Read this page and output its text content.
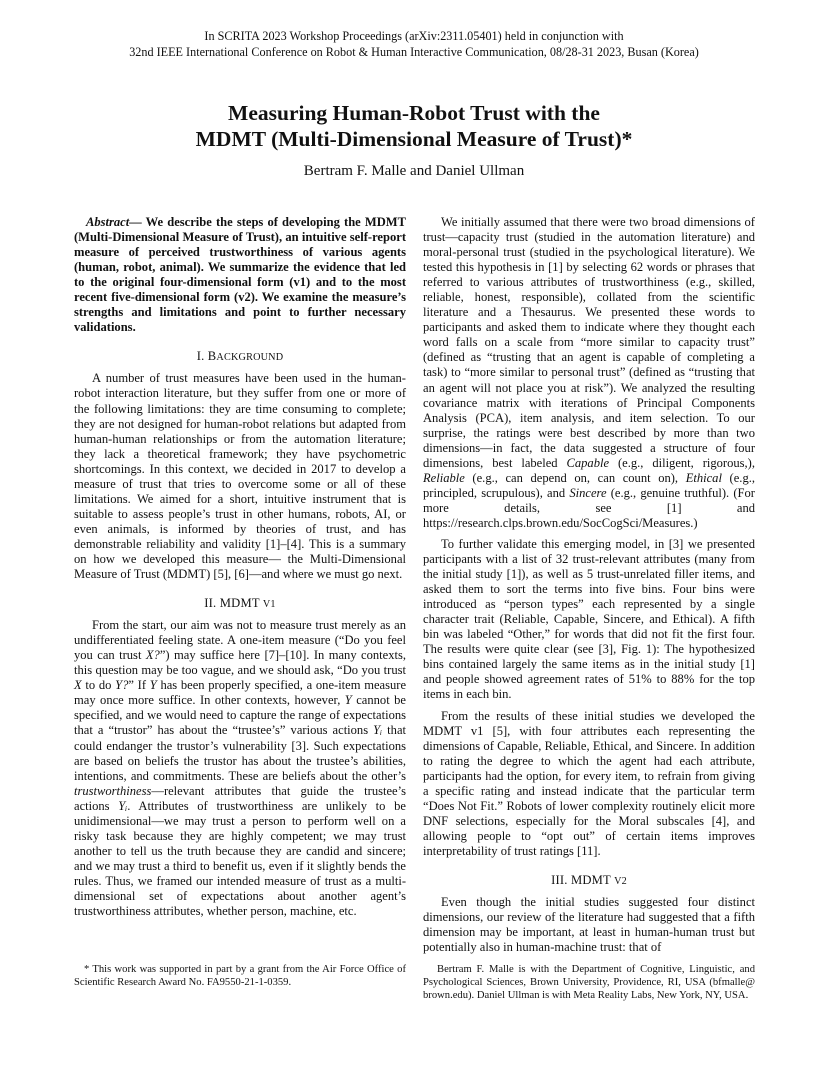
In SCRITA 2023 Workshop Proceedings (arXiv:2311.05401) held in conjunction with
32nd IEEE International Conference on Robot & Human Interactive Communication, 08/28-31 2023, Busan (Korea)
Measuring Human-Robot Trust with the
MDMT (Multi-Dimensional Measure of Trust)*
Bertram F. Malle and Daniel Ullman

Abstract— We describe the steps of developing the MDMT (Multi-Dimensional Measure of Trust), an intuitive self-report measure of perceived trustworthiness of various agents (human, robot, animal). We summarize the evidence that led to the original four-dimensional form (v1) and to the most recent five-dimensional form (v2). We examine the measure’s strengths and limitations and point to further necessary validations.

I. BACKGROUND

A number of trust measures have been used in the human-robot interaction literature, but they suffer from one or more of the following limitations: they are time consuming to complete; they are not designed for human-robot relations but adapted from human-human relationships or from the automation literature; they lack a theoretical framework; they have psychometric shortcomings. In this context, we decided in 2017 to develop a measure of trust that tries to overcome some or all of these limitations. We aimed for a short, intuitive instrument that is suitable to assess people’s trust in other humans, robots, AI, or even animals, is informed by theories of trust, and has demonstrable reliability and validity [1]–[4]. This is a summary on how we developed this measure— the Multi-Dimensional Measure of Trust (MDMT) [5], [6]—and where we must go next.

II. MDMT V1

From the start, our aim was not to measure trust merely as an undifferentiated feeling state. A one-item measure (“Do you feel you can trust X?”) may suffice here [7]–[10]. In many contexts, this question may be too vague, and we should ask, “Do you trust X to do Y?” If Y has been properly specified, a one-item measure may once more suffice. In other contexts, however, Y cannot be specified, and we would need to capture the range of expectations that a “trustor” has about the “trustee’s” various actions Yᵢ that could endanger the trustor’s vulnerability [3]. Such expectations are based on beliefs the trustor has about the trustee’s abilities, intentions, and commitments. These are beliefs about the other’s trustworthiness—relevant attributes that guide the trustee’s actions Yᵢ. Attributes of trustworthiness are unlikely to be unidimensional—we may trust a person to perform well on a risky task because they are highly competent; we may trust another to tell us the truth because they are candid and sincere; and we may trust a third to benefit us, even if it slightly bends the rules. Thus, we framed our intended measure of trust as a multi-dimensional set of expectations about another agent’s trustworthiness attributes, whether person, machine, etc.

We initially assumed that there were two broad dimensions of trust—capacity trust (studied in the automation literature) and moral-personal trust (studied in the psychological literature). We tested this hypothesis in [1] by selecting 62 words or phrases that referred to various attributes of trustworthiness (e.g., skilled, reliable, honest, responsible), collated from the scientific literature and a Thesaurus. We presented these words to participants and asked them to indicate where they thought each word falls on a scale from “more similar to capacity trust” (defined as “trusting that an agent is capable of completing a task) to “more similar to personal trust” (defined as “trusting that an agent will not place you at risk”). We analyzed the resulting covariance matrix with iterations of Principal Components Analysis (PCA), item analysis, and item selection. To our surprise, the ratings were best described by more than two dimensions—in fact, the data suggested a structure of four dimensions, best labeled Capable (e.g., diligent, rigorous,), Reliable (e.g., can depend on, can count on), Ethical (e.g., principled, scrupulous), and Sincere (e.g., genuine truthful). (For more details, see [1] and https://research.clps.brown.edu/SocCogSci/Measures.)

To further validate this emerging model, in [3] we presented participants with a list of 32 trust-relevant attributes (many from the initial study [1]), as well as 5 trust-unrelated filler items, and asked them to sort the terms into five bins. Four bins were introduced as “person types” each represented by a single character trait (Reliable, Capable, Sincere, and Ethical). A fifth bin was labeled “Other,” for words that did not fit the first four. The results were quite clear (see [3], Fig. 1): The hypothesized bins contained largely the same items as in the initial study [1] and people showed agreement rates of 51% to 88% for the top items in each bin.

From the results of these initial studies we developed the MDMT v1 [5], with four attributes each representing the dimensions of Capable, Reliable, Ethical, and Sincere. In addition to rating the degree to which the agent had each attribute, participants had the option, for every item, to refrain from giving a specific rating and instead indicate that the particular term “Does Not Fit.” Robots of lower complexity routinely elicit more DNF selections, especially for the Moral subscales [4], and allowing people to “opt out” of certain items improves interpretability of trust ratings [11].

III. MDMT V2

Even though the initial studies suggested four distinct dimensions, our review of the literature had suggested that a fifth dimension may be important, at least in human-human trust but potentially also in human-machine trust: that of

* This work was supported in part by a grant from the Air Force Office of Scientific Research Award No. FA9550-21-1-0359.
Bertram F. Malle is with the Department of Cognitive, Linguistic, and Psychological Sciences, Brown University, Providence, RI, USA (bfmalle@ brown.edu). Daniel Ullman is with Meta Reality Labs, New York, NY, USA.
